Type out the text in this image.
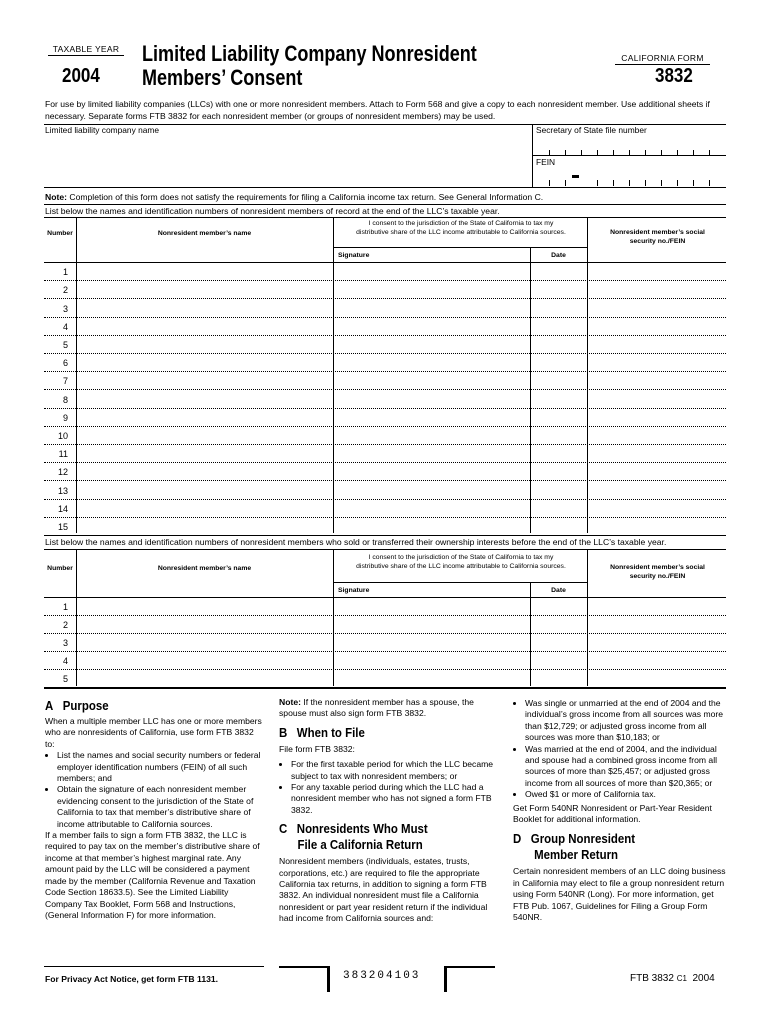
TAXABLE YEAR
2004
Limited Liability Company Nonresident
Members’ Consent
CALIFORNIA FORM
3832
For use by limited liability companies (LLCs) with one or more nonresident members. Attach to Form 568 and give a copy to each nonresident member. Use additional sheets if necessary. Separate forms FTB 3832 for each nonresident member (or groups of nonresident members) may be used.
Limited liability company name	Secretary of State file number
FEIN
Note: Completion of this form does not satisfy the requirements for filing a California income tax return. See General Information C.
List below the names and identification numbers of nonresident members of record at the end of the LLC’s taxable year.
Number	Nonresident member’s name
I consent to the jurisdiction of the State of California to tax my distributive share of the LLC income attributable to California sources.
Signature	Date
Nonresident member’s social security no./FEIN
1
2
3
4
5
6
7
8
9
10
11
12
13
14
15
List below the names and identification numbers of nonresident members who sold or transferred their ownership interests before the end of the LLC’s taxable year.
Number	Nonresident member’s name
I consent to the jurisdiction of the State of California to tax my distributive share of the LLC income attributable to California sources.
Signature	Date
Nonresident member’s social security no./FEIN
1
2
3
4
5
A Purpose
When a multiple member LLC has one or more members who are nonresidents of California, use form FTB 3832 to:
• List the names and social security numbers or federal employer identification numbers (FEIN) of all such members; and
• Obtain the signature of each nonresident member evidencing consent to the jurisdiction of the State of California to tax that member’s distributive share of income attributable to California sources.
If a member fails to sign a form FTB 3832, the LLC is required to pay tax on the member’s distributive share of income at that member’s highest marginal rate. Any amount paid by the LLC will be considered a payment made by the member (California Revenue and Taxation Code Section 18633.5). See the Limited Liability Company Tax Booklet, Form 568 and Instructions, (General Information F) for more information.
Note: If the nonresident member has a spouse, the spouse must also sign form FTB 3832.
B When to File
File form FTB 3832:
• For the first taxable period for which the LLC became subject to tax with nonresident members; or
• For any taxable period during which the LLC had a nonresident member who has not signed a form FTB 3832.
C Nonresidents Who Must
File a California Return
Nonresident members (individuals, estates, trusts, corporations, etc.) are required to file the appropriate California tax returns, in addition to signing a form FTB 3832. An individual nonresident must file a California nonresident or part year resident return if the individual had income from California sources and:
• Was single or unmarried at the end of 2004 and the individual’s gross income from all sources was more than $12,729; or adjusted gross income from all sources was more than $10,183; or
• Was married at the end of 2004, and the individual and spouse had a combined gross income from all sources of more than $25,457; or adjusted gross income from all sources of more than $20,365; or
• Owed $1 or more of California tax.
Get Form 540NR Nonresident or Part-Year Resident Booklet for additional information.
D Group Nonresident
Member Return
Certain nonresident members of an LLC doing business in California may elect to file a group nonresident return using Form 540NR (Long). For more information, get FTB Pub. 1067, Guidelines for Filing a Group Form 540NR.
For Privacy Act Notice, get form FTB 1131.	383204103	FTB 3832 C1 2004
